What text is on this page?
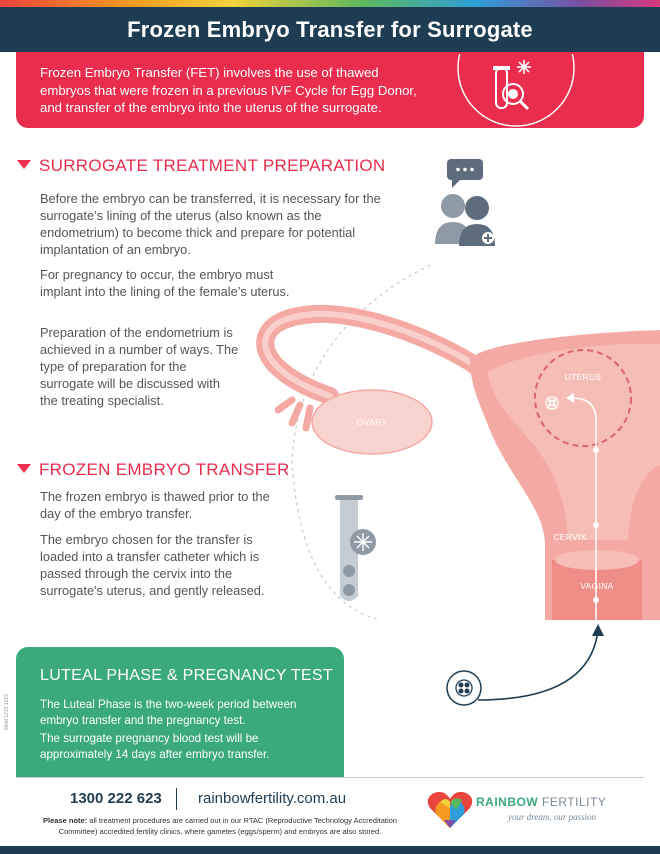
Frozen Embryo Transfer for Surrogate
Frozen Embryo Transfer (FET) involves the use of thawed embryos that were frozen in a previous IVF Cycle for Egg Donor, and transfer of the embryo into the uterus of the surrogate.
SURROGATE TREATMENT PREPARATION
Before the embryo can be transferred, it is necessary for the surrogate’s lining of the uterus (also known as the endometrium) to become thick and prepare for potential implantation of an embryo.
For pregnancy to occur, the embryo must implant into the lining of the female’s uterus.
Preparation of the endometrium is achieved in a number of ways. The type of preparation for the surrogate will be discussed with the treating specialist.
FROZEN EMBRYO TRANSFER
The frozen embryo is thawed prior to the day of the embryo transfer.
The embryo chosen for the transfer is loaded into a transfer catheter which is passed through the cervix into the surrogate's uterus, and gently released.
OVARY
UTERUS
CERVIX
VAGINA
LUTEAL PHASE & PREGNANCY TEST

The Luteal Phase is the two-week period between embryo transfer and the pregnancy test.

The surrogate pregnancy blood test will be approximately 14 days after embryo transfer.

Mktd 1215 1215
1300 222 623 rainbowfertility.com.au
Please note: all treatment procedures are carried out in our RTAC (Reproductive Technology Accreditation Committee) accredited fertility clinics, where gametes (eggs/sperm) and embryos are also stored.
RAINBOW FERTILITY
your dream, our passion
